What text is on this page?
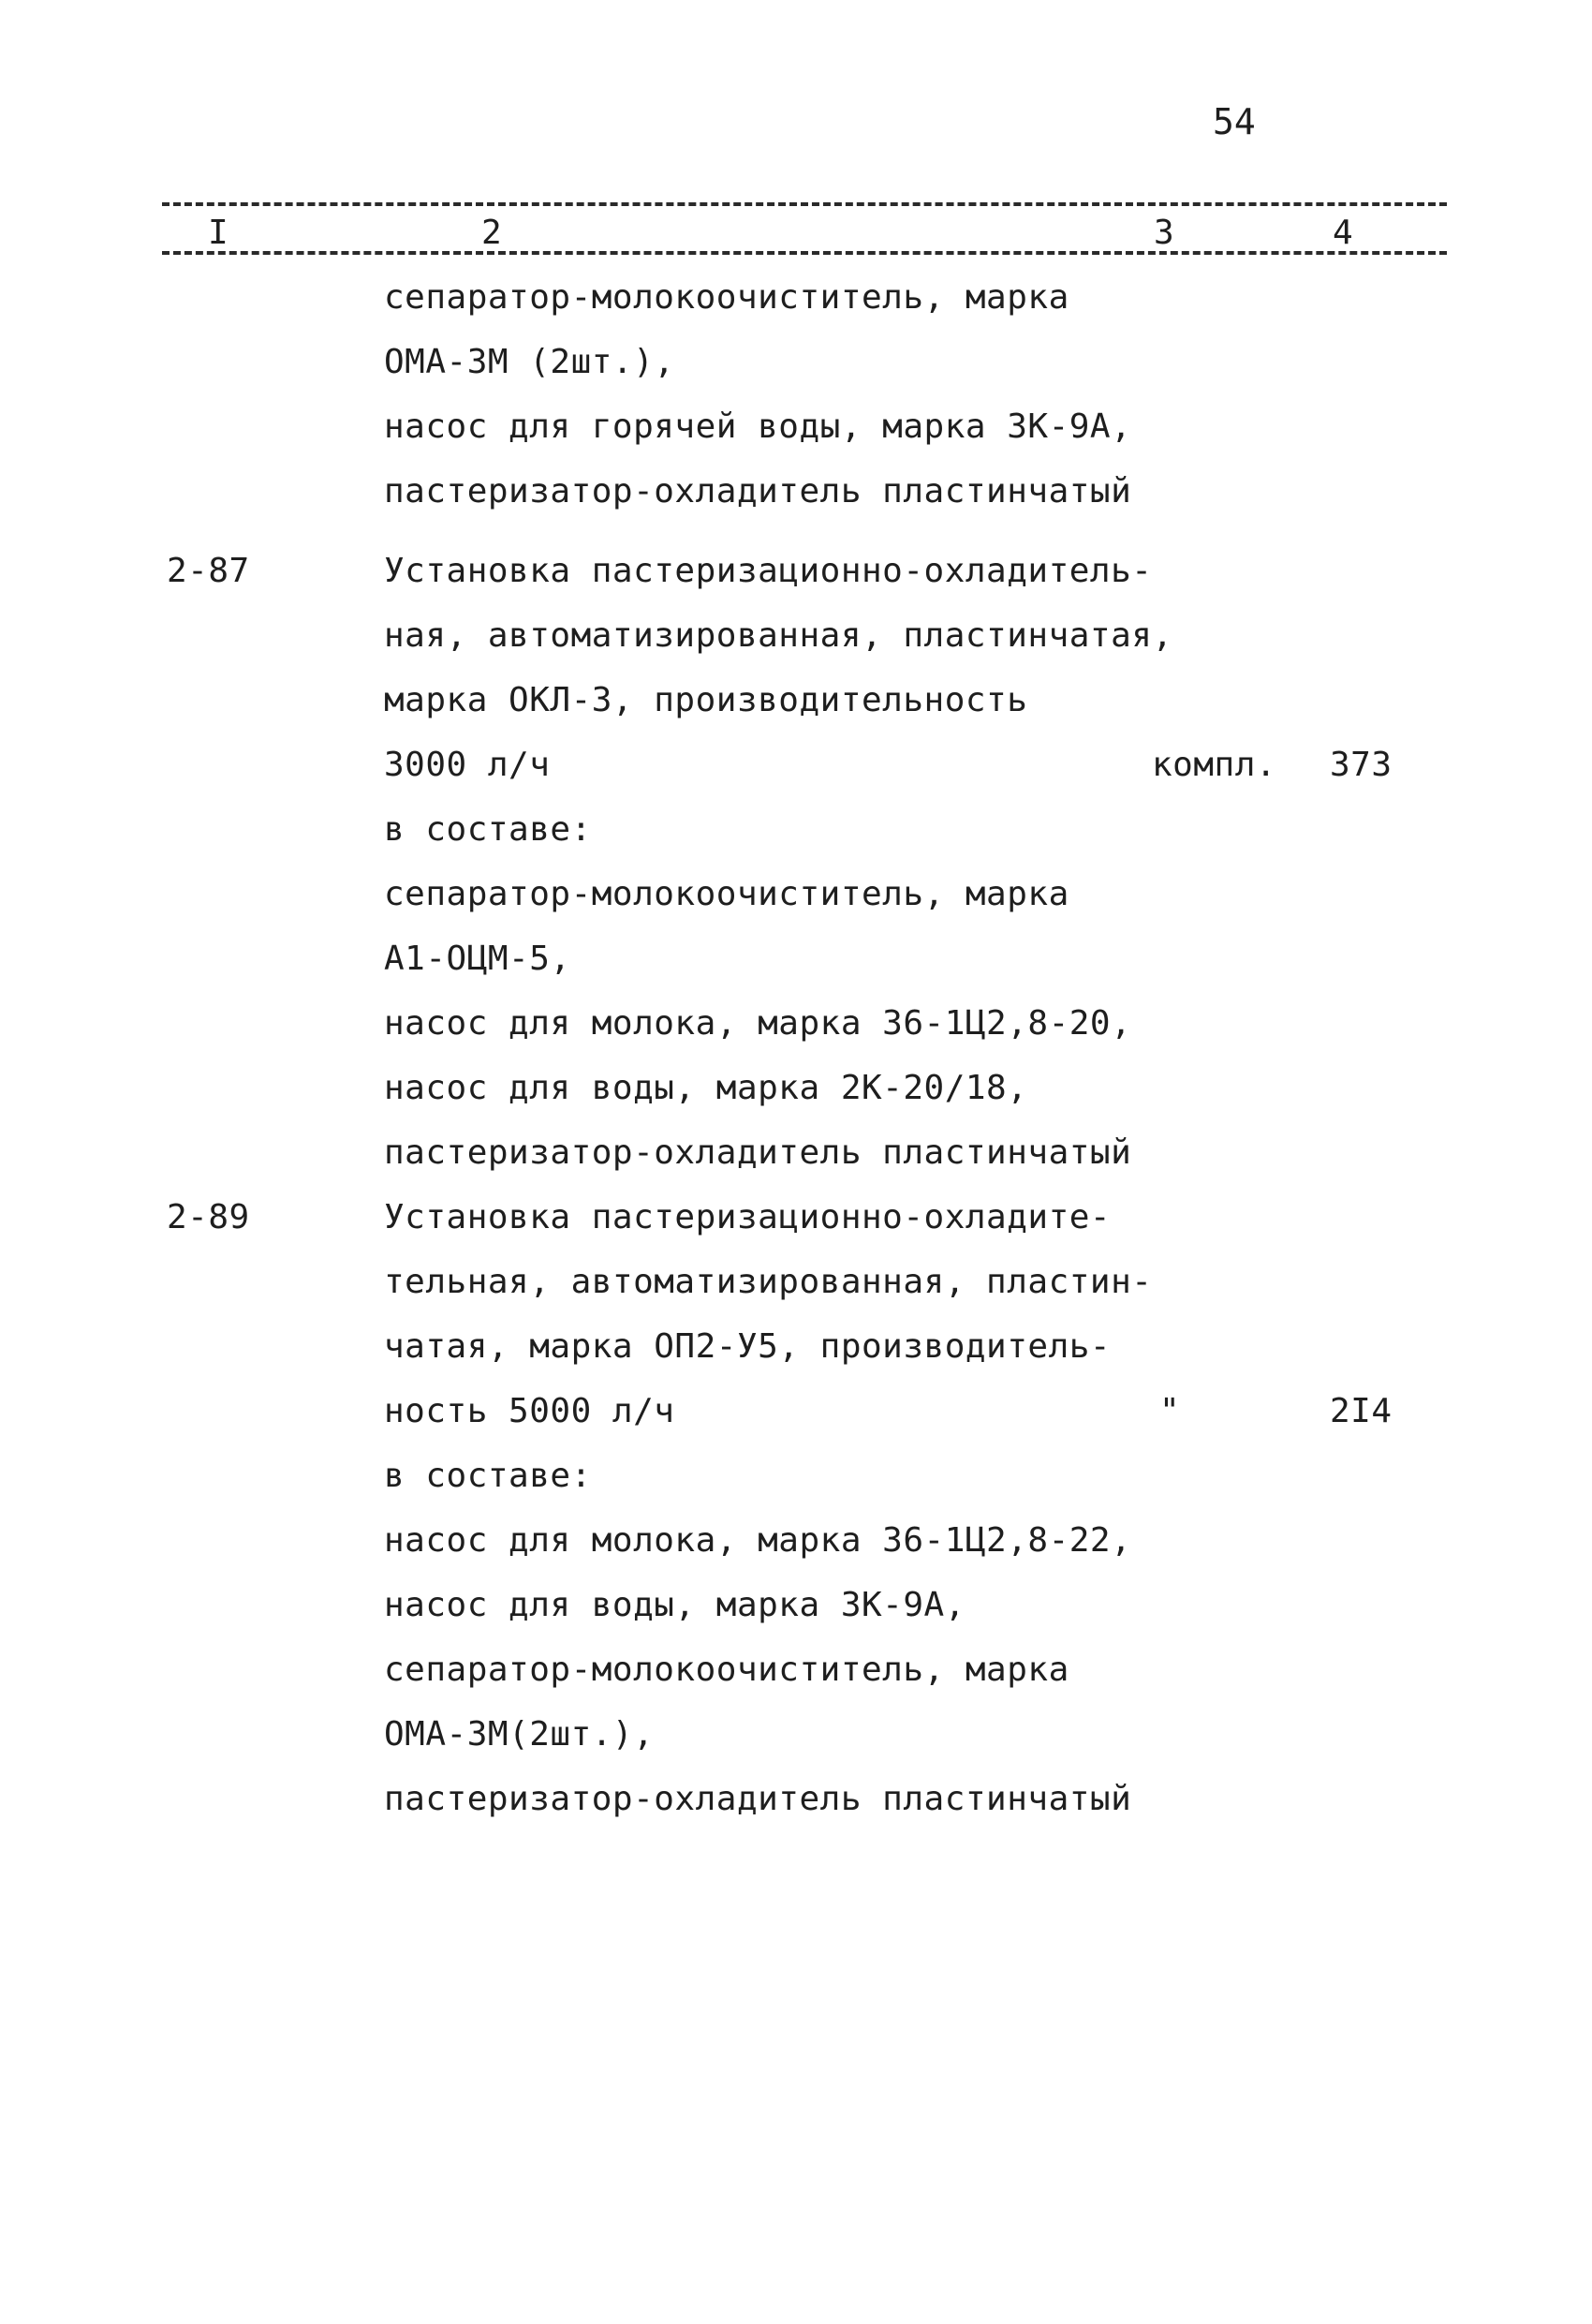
54
I	2	3	4
сепаратор-молокоочиститель, марка
ОМА-3М (2шт.),
насос для горячей воды, марка 3К-9А,
пастеризатор-охладитель пластинчатый
2-87	Установка пастеризационно-охладитель-
ная, автоматизированная, пластинчатая,
марка ОКЛ-3, производительность
3000 л/ч	компл. 373
в составе:
сепаратор-молокоочиститель, марка
А1-ОЦМ-5,
насос для молока, марка 36-1Ц2,8-20,
насос для воды, марка 2К-20/18,
пастеризатор-охладитель пластинчатый
2-89	Установка пастеризационно-охладите-
тельная, автоматизированная, пластин-
чатая, марка ОП2-У5, производитель-
ность 5000 л/ч	"	2I4
в составе:
насос для молока, марка 36-1Ц2,8-22,
насос для воды, марка 3К-9А,
сепаратор-молокоочиститель, марка
ОМА-3М(2шт.),
пастеризатор-охладитель пластинчатый
